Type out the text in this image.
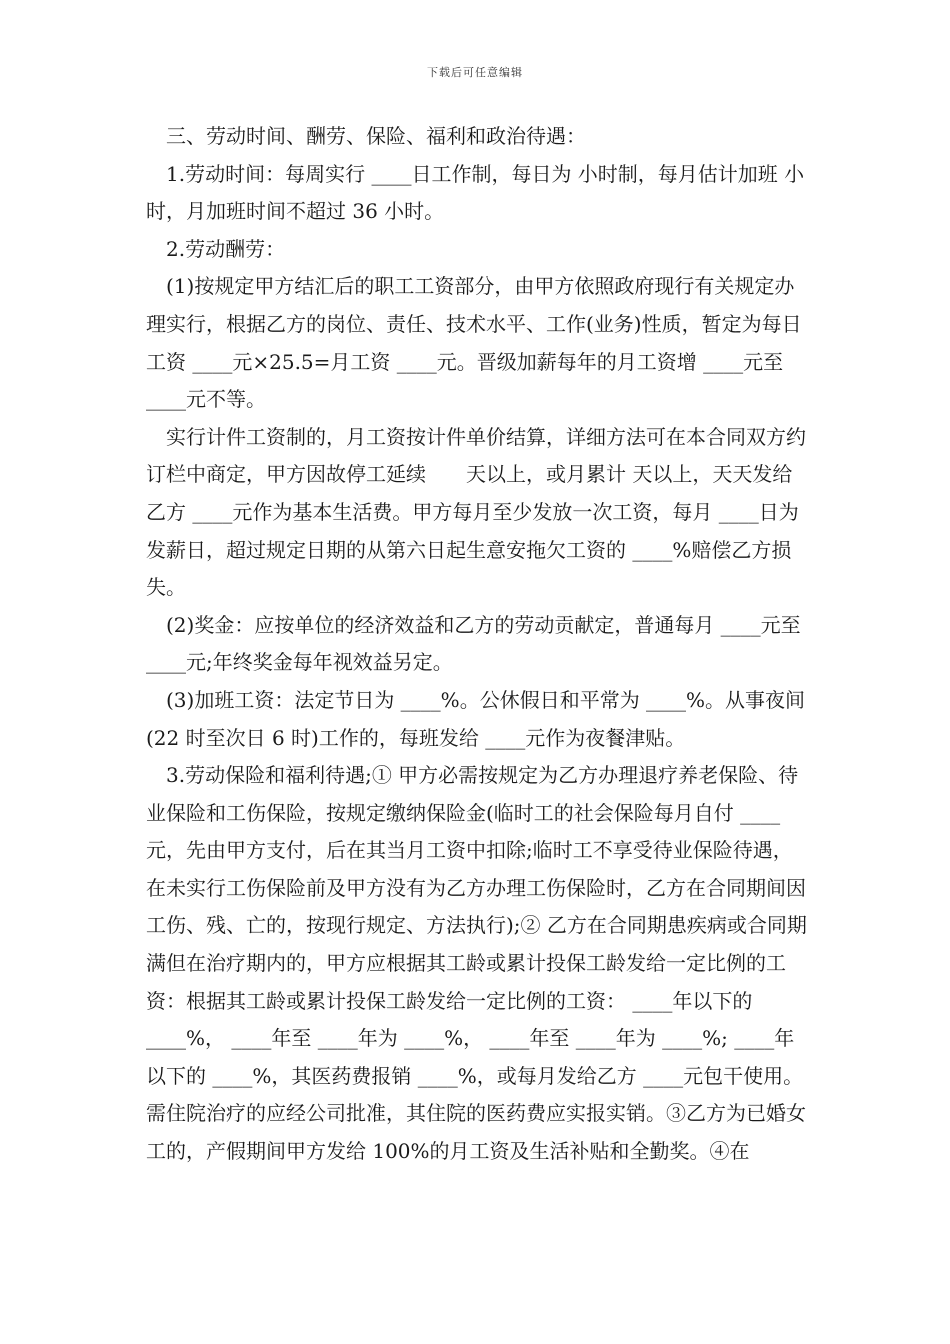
下载后可任意编辑

三、劳动时间、酬劳、保险、福利和政治待遇：

1.劳动时间：每周实行 ____日工作制，每日为 小时制，每月估计加班 小时，月加班时间不超过 36 小时。

2.劳动酬劳：

(1)按规定甲方结汇后的职工工资部分，由甲方依照政府现行有关规定办理实行，根据乙方的岗位、责任、技术水平、工作(业务)性质，暂定为每日工资 ____元×25.5=月工资 ____元。晋级加薪每年的月工资增 ____元至 ____元不等。

实行计件工资制的，月工资按计件单价结算，详细方法可在本合同双方约订栏中商定，甲方因故停工延续　　天以上，或月累计 天以上，天天发给乙方 ____元作为基本生活费。甲方每月至少发放一次工资，每月 ____日为发薪日，超过规定日期的从第六日起生意安拖欠工资的 ____%赔偿乙方损失。

(2)奖金：应按单位的经济效益和乙方的劳动贡献定，普通每月 ____元至 ____元;年终奖金每年视效益另定。

(3)加班工资：法定节日为 ____%。公休假日和平常为 ____%。从事夜间(22 时至次日 6 时)工作的，每班发给 ____元作为夜餐津贴。

3.劳动保险和福利待遇;① 甲方必需按规定为乙方办理退疗养老保险、待业保险和工伤保险，按规定缴纳保险金(临时工的社会保险每月自付 ____元，先由甲方支付，后在其当月工资中扣除;临时工不享受待业保险待遇，在未实行工伤保险前及甲方没有为乙方办理工伤保险时，乙方在合同期间因工伤、残、亡的，按现行规定、方法执行);② 乙方在合同期患疾病或合同期满但在治疗期内的，甲方应根据其工龄或累计投保工龄发给一定比例的工资：根据其工龄或累计投保工龄发给一定比例的工资： ____年以下的 ____%， ____年至 ____年为 ____%， ____年至 ____年为 ____%; ____年以下的 ____%，其医药费报销 ____%，或每月发给乙方 ____元包干使用。需住院治疗的应经公司批准，其住院的医药费应实报实销。③乙方为已婚女工的，产假期间甲方发给 100%的月工资及生活补贴和全勤奖。④在
